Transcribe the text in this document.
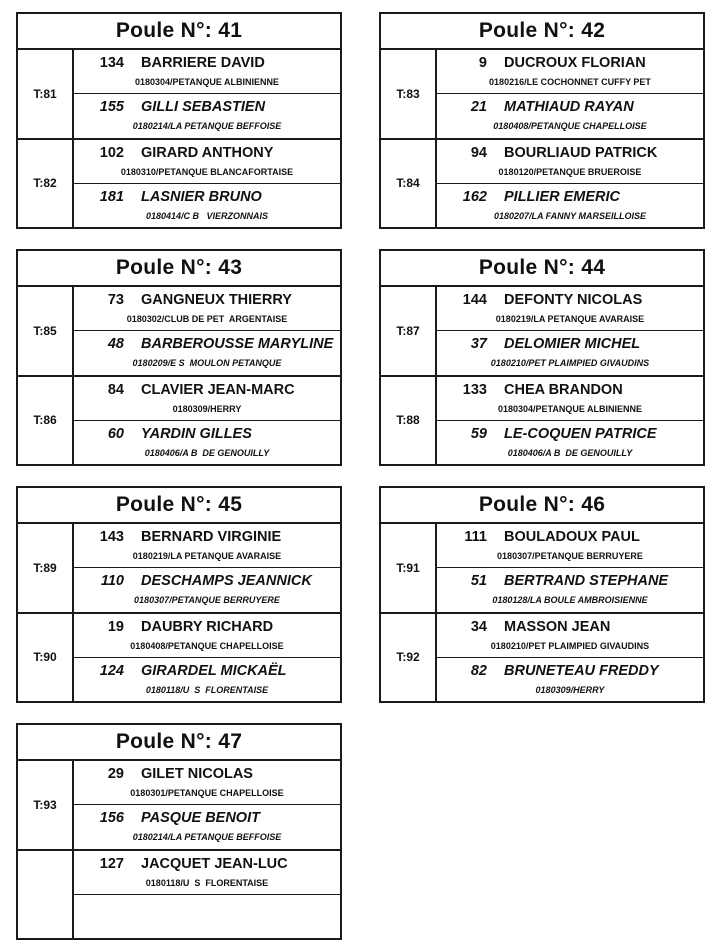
Poule N°: 41
T:81
134 BARRIERE DAVID
0180304/PETANQUE ALBINIENNE
155 GILLI SEBASTIEN
0180214/LA PETANQUE BEFFOISE
T:82
102 GIRARD ANTHONY
0180310/PETANQUE BLANCAFORTAISE
181 LASNIER BRUNO
0180414/C B   VIERZONNAIS
Poule N°: 42
T:83
9 DUCROUX FLORIAN
0180216/LE COCHONNET CUFFY PET
21 MATHIAUD RAYAN
0180408/PETANQUE CHAPELLOISE
T:84
94 BOURLIAUD PATRICK
0180120/PETANQUE BRUEROISE
162 PILLIER EMERIC
0180207/LA FANNY MARSEILLOISE
Poule N°: 43
T:85
73 GANGNEUX THIERRY
0180302/CLUB DE PET  ARGENTAISE
48 BARBEROUSSE MARYLINE
0180209/E S  MOULON PETANQUE
T:86
84 CLAVIER JEAN-MARC
0180309/HERRY
60 YARDIN GILLES
0180406/A B  DE GENOUILLY
Poule N°: 44
T:87
144 DEFONTY NICOLAS
0180219/LA PETANQUE AVARAISE
37 DELOMIER MICHEL
0180210/PET PLAIMPIED GIVAUDINS
T:88
133 CHEA BRANDON
0180304/PETANQUE ALBINIENNE
59 LE-COQUEN PATRICE
0180406/A B  DE GENOUILLY
Poule N°: 45
T:89
143 BERNARD VIRGINIE
0180219/LA PETANQUE AVARAISE
110 DESCHAMPS JEANNICK
0180307/PETANQUE BERRUYERE
T:90
19 DAUBRY RICHARD
0180408/PETANQUE CHAPELLOISE
124 GIRARDEL MICKAËL
0180118/U  S  FLORENTAISE
Poule N°: 46
T:91
111 BOULADOUX PAUL
0180307/PETANQUE BERRUYERE
51 BERTRAND STEPHANE
0180128/LA BOULE AMBROISIENNE
T:92
34 MASSON JEAN
0180210/PET PLAIMPIED GIVAUDINS
82 BRUNETEAU FREDDY
0180309/HERRY
Poule N°: 47
T:93
29 GILET NICOLAS
0180301/PETANQUE CHAPELLOISE
156 PASQUE BENOIT
0180214/LA PETANQUE BEFFOISE
127 JACQUET JEAN-LUC
0180118/U  S  FLORENTAISE
